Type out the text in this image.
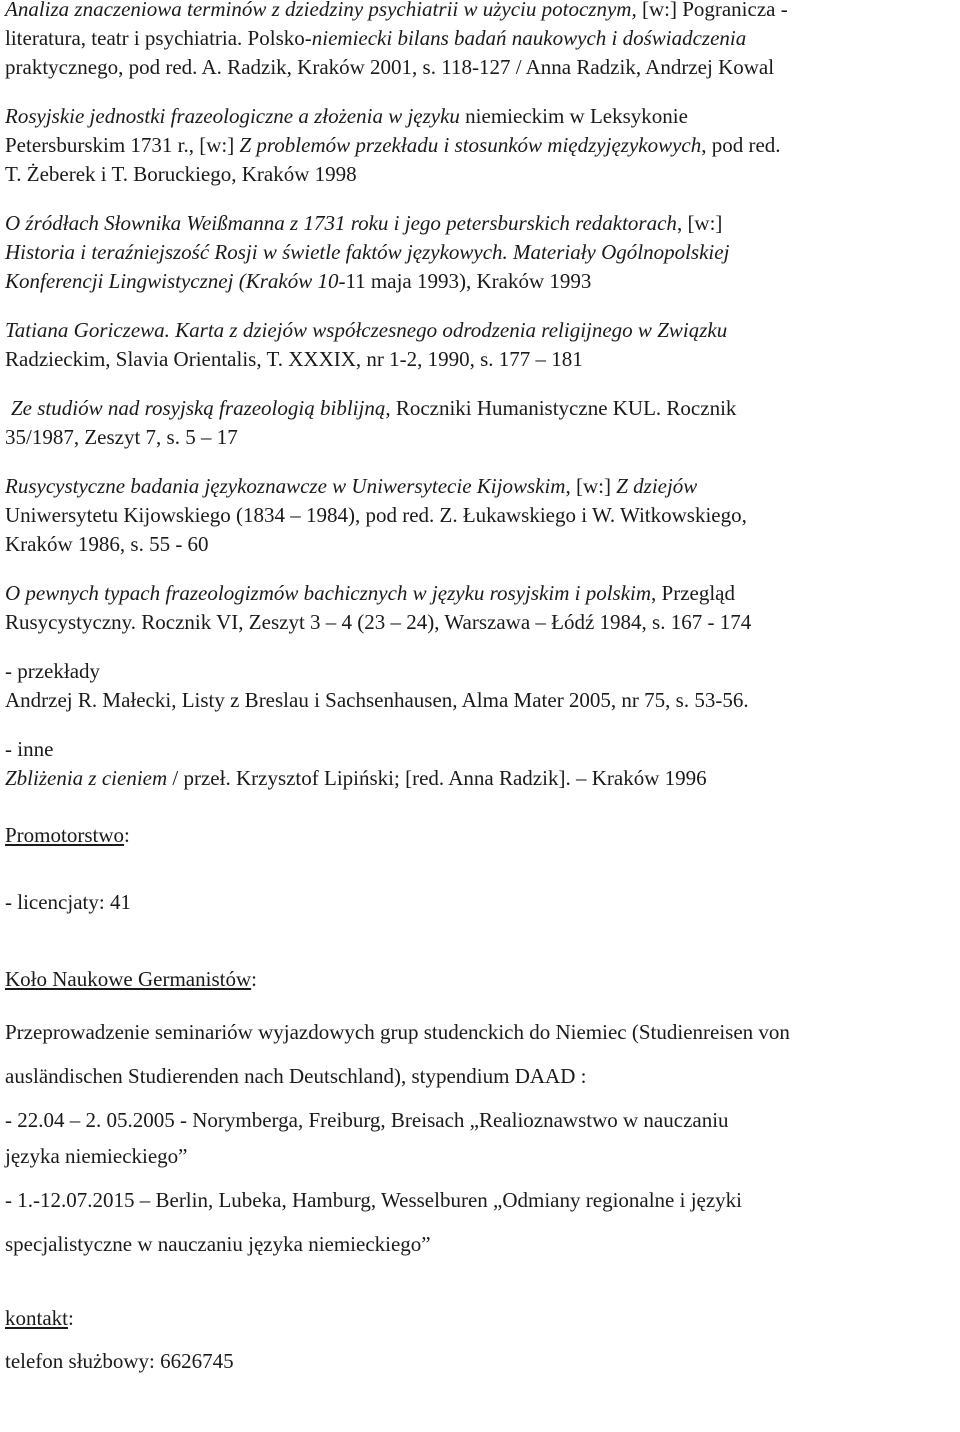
Analiza znaczeniowa terminów z dziedziny psychiatrii w użyciu potocznym, [w:] Pogranicza -

literatura, teatr i psychiatria. Polsko-niemiecki bilans badań naukowych i doświadczenia

praktycznego, pod red. A. Radzik, Kraków 2001, s. 118-127 / Anna Radzik, Andrzej Kowal

Rosyjskie jednostki frazeologiczne a złożenia w języku niemieckim w Leksykonie

Petersburskim 1731 r., [w:] Z problemów przekładu i stosunków międzyjęzykowych, pod red.

T. Żeberek i T. Boruckiego, Kraków 1998

O źródłach Słownika Weißmanna z 1731 roku i jego petersburskich redaktorach, [w:]

Historia i teraźniejszość Rosji w świetle faktów językowych. Materiały Ogólnopolskiej

Konferencji Lingwistycznej (Kraków 10-11 maja 1993), Kraków 1993

Tatiana Goriczewa. Karta z dziejów współczesnego odrodzenia religijnego w Związku

Radzieckim, Slavia Orientalis, T. XXXIX, nr 1-2, 1990, s. 177 – 181

Ze studiów nad rosyjską frazeologią biblijną, Roczniki Humanistyczne KUL. Rocznik

35/1987, Zeszyt 7, s. 5 – 17

Rusycystyczne badania językoznawcze w Uniwersytecie Kijowskim, [w:] Z dziejów

Uniwersytetu Kijowskiego (1834 – 1984), pod red. Z. Łukawskiego i W. Witkowskiego,

Kraków 1986, s. 55 - 60

O pewnych typach frazeologizmów bachicznych w języku rosyjskim i polskim, Przegląd

Rusycystyczny. Rocznik VI, Zeszyt 3 – 4 (23 – 24), Warszawa – Łódź 1984, s. 167 - 174

- przekłady

Andrzej R. Małecki, Listy z Breslau i Sachsenhausen, Alma Mater 2005, nr 75, s. 53-56.

- inne

Zbliżenia z cieniem / przeł. Krzysztof Lipiński; [red. Anna Radzik]. – Kraków 1996

Promotorstwo:

- licencjaty: 41

Koło Naukowe Germanistów:

Przeprowadzenie seminariów wyjazdowych grup studenckich do Niemiec (Studienreisen von

ausländischen Studierenden nach Deutschland), stypendium DAAD :

- 22.04 – 2. 05.2005 - Norymberga, Freiburg, Breisach „Realioznawstwo w nauczaniu

języka niemieckiego”

- 1.-12.07.2015 – Berlin, Lubeka, Hamburg, Wesselburen „Odmiany regionalne i języki

specjalistyczne w nauczaniu języka niemieckiego”

kontakt:

telefon służbowy: 6626745
